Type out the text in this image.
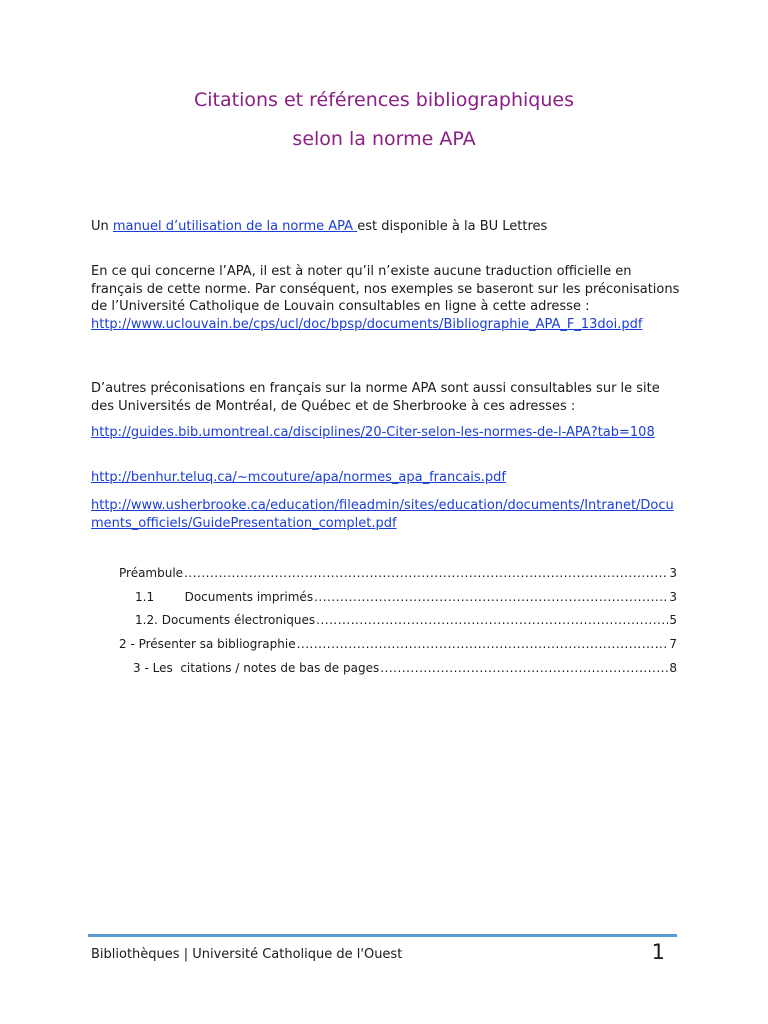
Citations et références bibliographiques
selon la norme APA

Un manuel d’utilisation de la norme APA est disponible à la BU Lettres

En ce qui concerne l’APA, il est à noter qu’il n’existe aucune traduction officielle en français de cette norme. Par conséquent, nos exemples se baseront sur les préconisations de l’Université Catholique de Louvain consultables en ligne à cette adresse :
http://www.uclouvain.be/cps/ucl/doc/bpsp/documents/Bibliographie_APA_F_13doi.pdf

D’autres préconisations en français sur la norme APA sont aussi consultables sur le site des Universités de Montréal, de Québec et de Sherbrooke à ces adresses :

http://guides.bib.umontreal.ca/disciplines/20-Citer-selon-les-normes-de-l-APA?tab=108

http://benhur.teluq.ca/~mcouture/apa/normes_apa_francais.pdf

http://www.usherbrooke.ca/education/fileadmin/sites/education/documents/Intranet/Documents_officiels/GuidePresentation_complet.pdf

Préambule .....	3
1.1        Documents imprimés .....	3
1.2. Documents électroniques .....	5
2 - Présenter sa bibliographie .....	7
3 - Les  citations / notes de bas de pages .....	8
Bibliothèques | Université Catholique de l'Ouest	1
